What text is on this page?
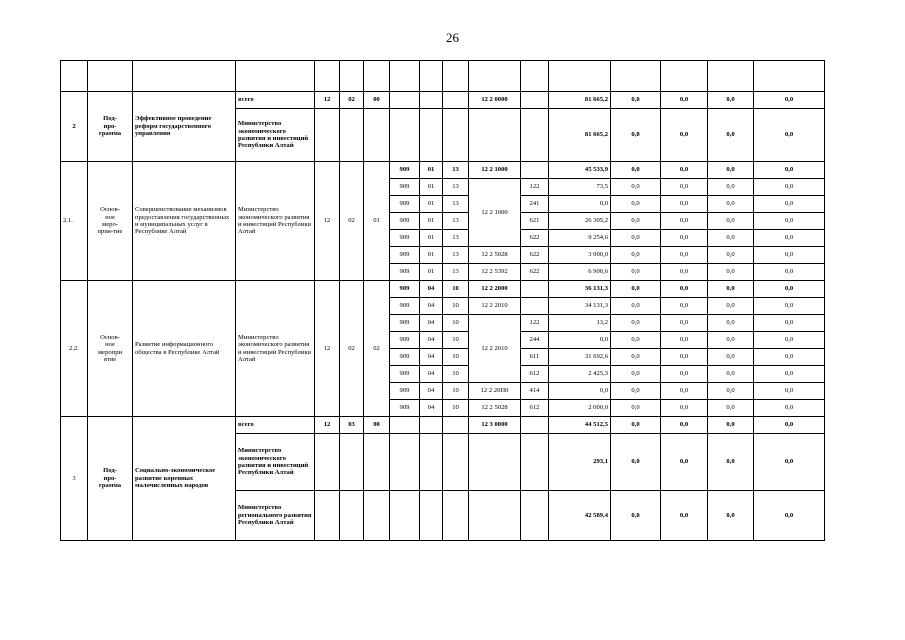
26

2	Под-
про-
грамма	Эффективное проведение реформ государственного управления	всего	12	02	00				12 2 0000		81 665,2	0,0	0,0	0,0	0,0
			Министерство экономического развития и инвестиций Республики Алтай									81 665,2	0,0	0,0	0,0	0,0
2.1.	Основ-
ное
меро-
прия-тие	Совершенствование механизмов предоставления государственных и муниципальных услуг в Республике Алтай	Министерство экономического развития и инвестиций Республики Алтай	12	02	01	909	01	13	12 2 1000		45 533,9	0,0	0,0	0,0	0,0
							909	01	13	12 2 1000	122	73,5	0,0	0,0	0,0	0,0
							909	01	13		241	0,0	0,0	0,0	0,0	0,0
							909	01	13		621	26 305,2	0,0	0,0	0,0	0,0
							909	01	13		622	9 254,6	0,0	0,0	0,0	0,0
							909	01	13	12 2 5028	622	3 000,0	0,0	0,0	0,0	0,0
							909	01	13	12 2 5392	622	6 900,6	0,0	0,0	0,0	0,0
2.2.	Основ-
ное
меропри
ятие	Развитие информационного общества в Республике Алтай	Министерство экономического развития и инвестиций Республики Алтай	12	02	02	909	04	10	12 2 2000		36 131,3	0,0	0,0	0,0	0,0
							909	04	10	12 2 2010		34 131,3	0,0	0,0	0,0	0,0
							909	04	10	12 2 2010	122	13,2	0,0	0,0	0,0	0,0
							909	04	10		244	0,0	0,0	0,0	0,0	0,0
							909	04	10		611	31 692,6	0,0	0,0	0,0	0,0
							909	04	10		612	2 425,3	0,0	0,0	0,0	0,0
							909	04	10	12 2 20П0	414	0,0	0,0	0,0	0,0	0,0
							909	04	10	12 2 5028	612	2 000,0	0,0	0,0	0,0	0,0
3	Под-
про-
грамма	Социально-экономическое развитие коренных малочисленных народов	всего	12	03	00				12 3 0000		44 512,5	0,0	0,0	0,0	0,0
			Министерство экономического развития и инвестиций Республики Алтай									293,1	0,0	0,0	0,0	0,0
			Министерство регионального развития Республики Алтай									42 589,4	0,0	0,0	0,0	0,0
